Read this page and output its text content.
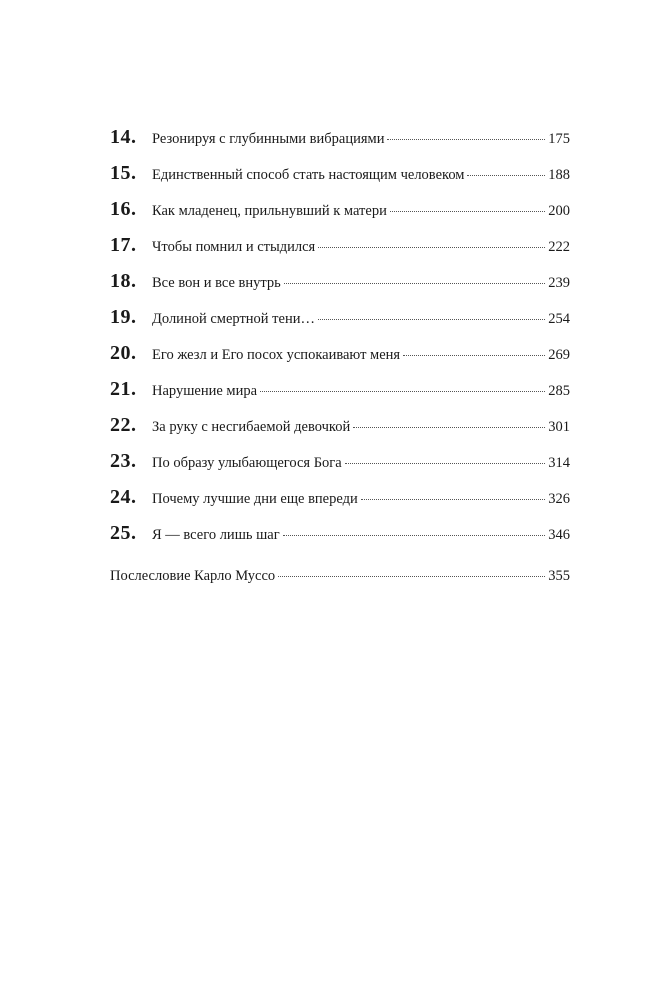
14.	Резонируя с глубинными вибрациями	175
15.	Единственный способ стать настоящим человеком	188
16.	Как младенец, прильнувший к матери	200
17.	Чтобы помнил и стыдился	222
18.	Все вон и все внутрь	239
19.	Долиной смертной тени…	254
20.	Его жезл и Его посох успокаивают меня	269
21.	Нарушение мира	285
22.	За руку с несгибаемой девочкой	301
23.	По образу улыбающегося Бога	314
24.	Почему лучшие дни еще впереди	326
25.	Я — всего лишь шаг	346
Послесловие Карло Муссо	355
